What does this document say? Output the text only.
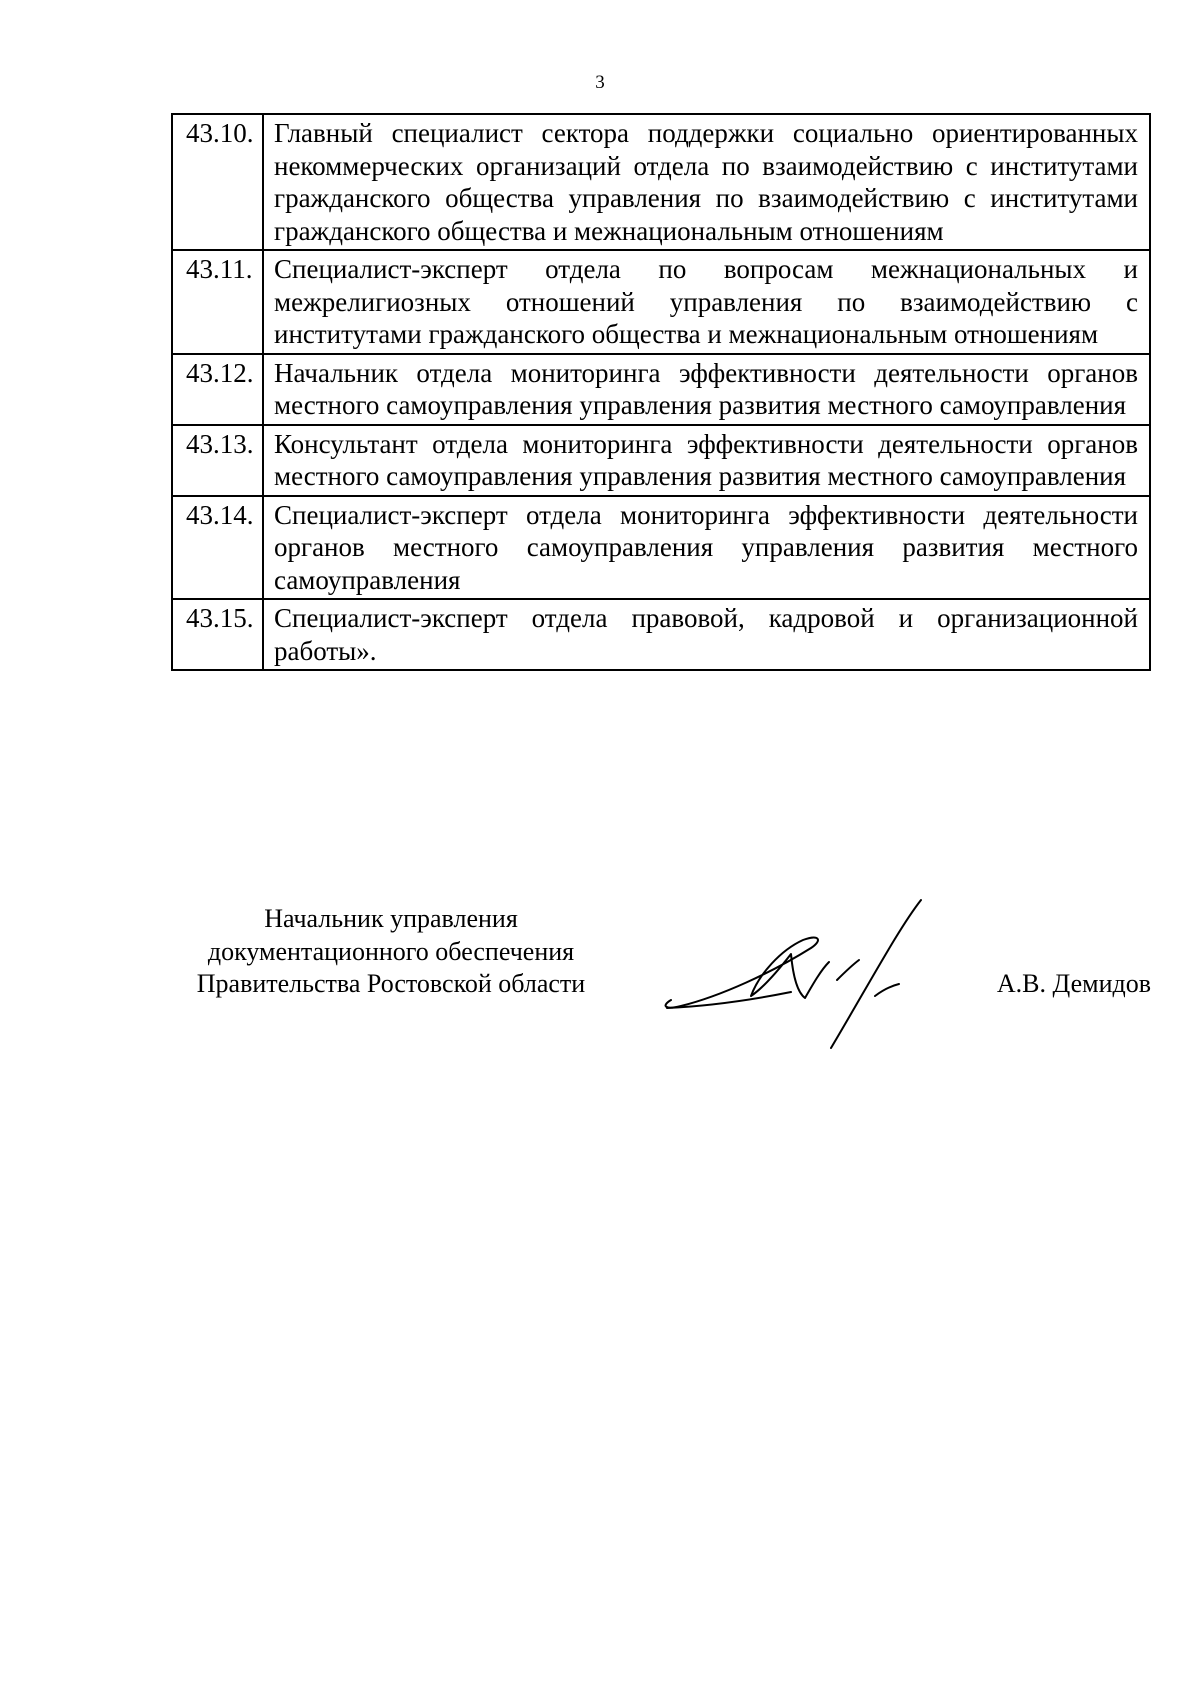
3
43.10.	Главный специалист сектора поддержки социально ориентированных некоммерческих организаций отдела по взаимодействию с институтами гражданского общества управления по взаимодействию с институтами гражданского общества и межнациональным отношениям
43.11.	Специалист-эксперт отдела по вопросам межнациональных и межрелигиозных отношений управления по взаимодействию с институтами гражданского общества и межнациональным отношениям
43.12.	Начальник отдела мониторинга эффективности деятельности органов местного самоуправления управления развития местного самоуправления
43.13.	Консультант отдела мониторинга эффективности деятельности органов местного самоуправления управления развития местного самоуправления
43.14.	Специалист-эксперт отдела мониторинга эффективности деятельности органов местного самоуправления управления развития местного самоуправления
43.15.	Специалист-эксперт отдела правовой, кадровой и организационной работы».
Начальник управления
документационного обеспечения
Правительства Ростовской области	А.В. Демидов
